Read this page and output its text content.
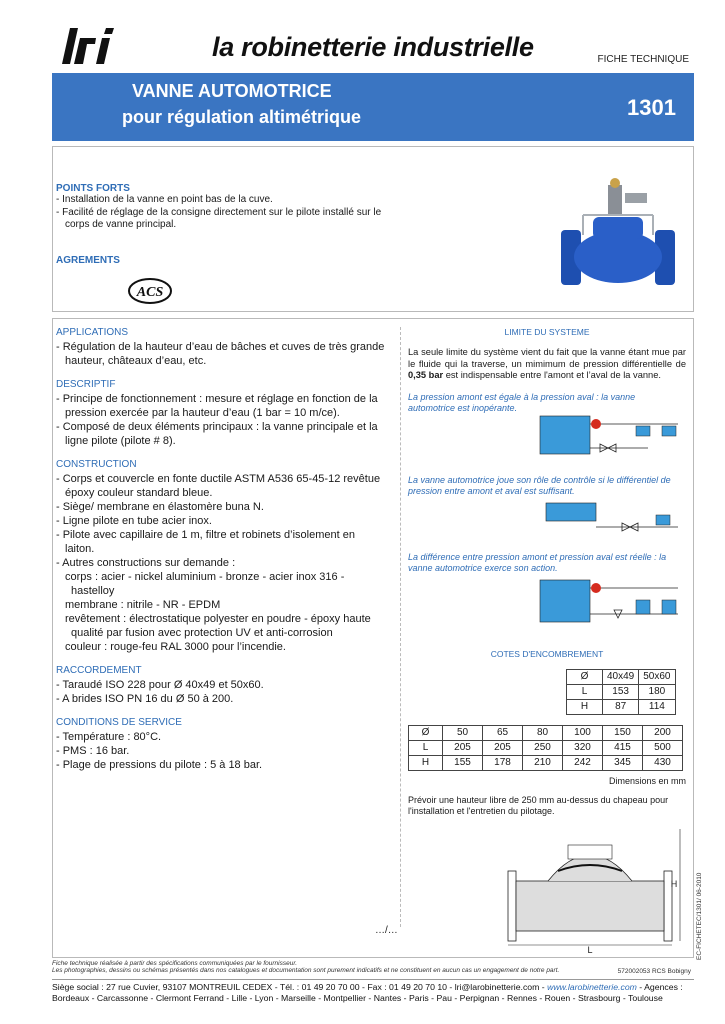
la robinetterie industrielle	FICHE TECHNIQUE
VANNE AUTOMOTRICE
pour régulation altimétrique	1301
POINTS FORTS
- Installation de la vanne en point bas de la cuve.
- Facilité de réglage de la consigne directement sur le pilote installé sur le corps de vanne principal.
AGREMENTS
ACS
APPLICATIONS
- Régulation de la hauteur d’eau de bâches et cuves de très grande hauteur, châteaux d’eau, etc.
DESCRIPTIF
- Principe de fonctionnement : mesure et réglage en fonction de la pression exercée par la hauteur d’eau (1 bar = 10 m/ce).
- Composé de deux éléments principaux : la vanne principale et la ligne pilote (pilote # 8).
CONSTRUCTION
- Corps et couvercle en fonte ductile ASTM A536 65-45-12 revêtue époxy couleur standard bleue.
- Siège/ membrane en élastomère buna N.
- Ligne pilote en tube acier inox.
- Pilote avec capillaire de 1 m, filtre et robinets d’isolement en laiton.
- Autres constructions sur demande :
corps : acier - nickel aluminium - bronze - acier inox 316 - hastelloy
membrane : nitrile - NR - EPDM
revêtement : électrostatique polyester en poudre - époxy haute qualité par fusion avec protection UV et anti-corrosion
couleur : rouge-feu RAL 3000 pour l’incendie.
RACCORDEMENT
- Taraudé ISO 228 pour Ø 40x49 et 50x60.
- A brides ISO PN 16 du Ø 50 à 200.
CONDITIONS DE SERVICE
- Température : 80°C.
- PMS : 16 bar.
- Plage de pressions du pilote : 5 à 18 bar.
…/…
LIMITE DU SYSTEME
La seule limite du système vient du fait que la vanne étant mue par le fluide qui la traverse, un mimimum de pression différentielle de 0,35 bar est indispensable entre l'amont et l’aval de la vanne.
La pression amont est égale à la pression aval : la vanne automotrice est inopérante.
La vanne automotrice joue son rôle de contrôle si le différentiel de pression entre amont et aval est suffisant.
La différence entre pression amont et pression aval est réelle : la vanne automotrice exerce son action.
COTES D'ENCOMBREMENT
Ø	40x49	50x60
L	153	180
H	87	114
Ø	50	65	80	100	150	200
L	205	205	250	320	415	500
H	155	178	210	242	345	430
Dimensions en mm
Prévoir une hauteur libre de 250 mm au-dessus du chapeau pour l'installation et l'entretien du pilotage.
L
H	EC-FICHETEC/1301/ 06-2010
Fiche technique réalisée à partir des spécifications communiquées par le fournisseur.
Les photographies, dessins ou schémas présentés dans nos catalogues et documentation sont purement indicatifs et ne constituent en aucun cas un engagement de notre part.	572002053 RCS Bobigny
Siège social : 27 rue Cuvier, 93107 MONTREUIL CEDEX - Tél. : 01 49 20 70 00 - Fax : 01 49 20 70 10 - lri@larobinetterie.com - www.larobinetterie.com - Agences :
Bordeaux - Carcassonne - Clermont Ferrand - Lille - Lyon - Marseille - Montpellier - Nantes - Paris - Pau - Perpignan - Rennes - Rouen - Strasbourg - Toulouse
